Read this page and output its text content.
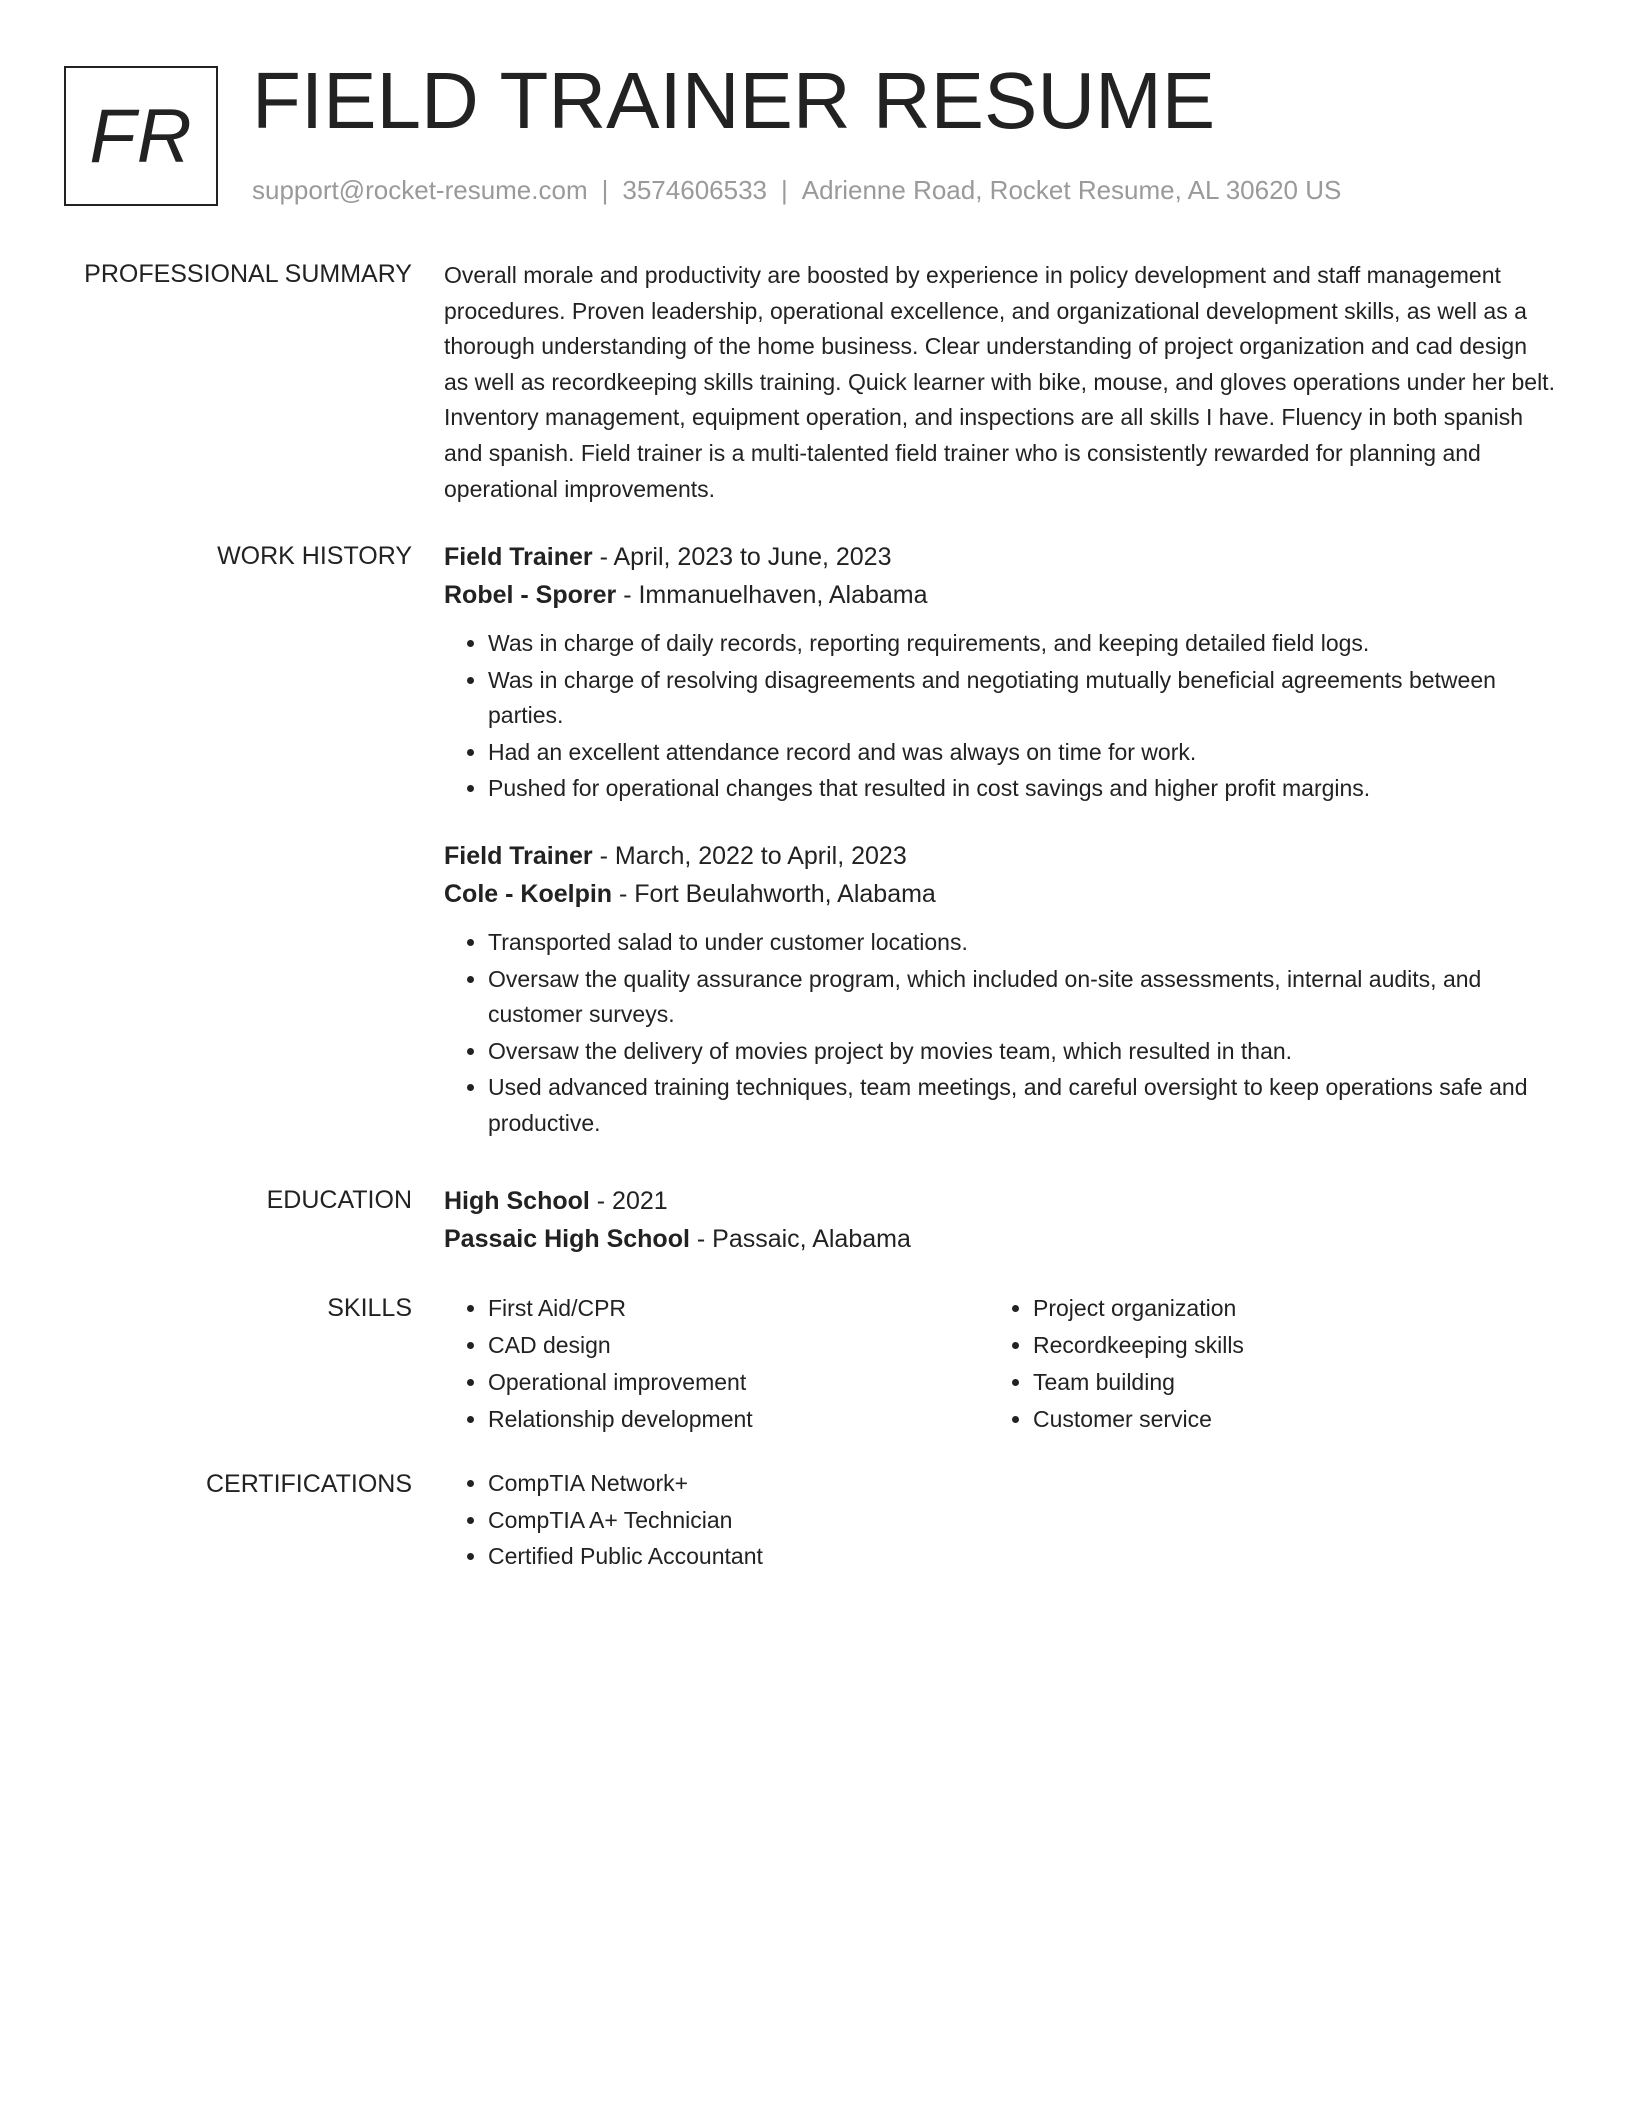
FR FIELD TRAINER RESUME
support@rocket-resume.com | 3574606533 | Adrienne Road, Rocket Resume, AL 30620 US
PROFESSIONAL SUMMARY Overall morale and productivity are boosted by experience in policy development and staff management procedures. Proven leadership, operational excellence, and organizational development skills, as well as a thorough understanding of the home business. Clear understanding of project organization and cad design as well as recordkeeping skills training. Quick learner with bike, mouse, and gloves operations under her belt. Inventory management, equipment operation, and inspections are all skills I have. Fluency in both spanish and spanish. Field trainer is a multi-talented field trainer who is consistently rewarded for planning and operational improvements.

WORK HISTORY Field Trainer - April, 2023 to June, 2023

Robel - Sporer - Immanuelhaven, Alabama

• Was in charge of daily records, reporting requirements, and keeping detailed field logs.
• Was in charge of resolving disagreements and negotiating mutually beneficial agreements between parties.
• Had an excellent attendance record and was always on time for work.
• Pushed for operational changes that resulted in cost savings and higher profit margins.

Field Trainer - March, 2022 to April, 2023

Cole - Koelpin - Fort Beulahworth, Alabama

• Transported salad to under customer locations.
• Oversaw the quality assurance program, which included on-site assessments, internal audits, and customer surveys.
• Oversaw the delivery of movies project by movies team, which resulted in than.
• Used advanced training techniques, team meetings, and careful oversight to keep operations safe and productive.
EDUCATION High School - 2021

Passaic High School - Passaic, Alabama

SKILLS	• First Aid/CPR
• CAD design
• Operational improvement
• Relationship development
• Project organization
• Recordkeeping skills
• Team building
• Customer service
CERTIFICATIONS	• CompTIA Network+
• CompTIA A+ Technician
• Certified Public Accountant
